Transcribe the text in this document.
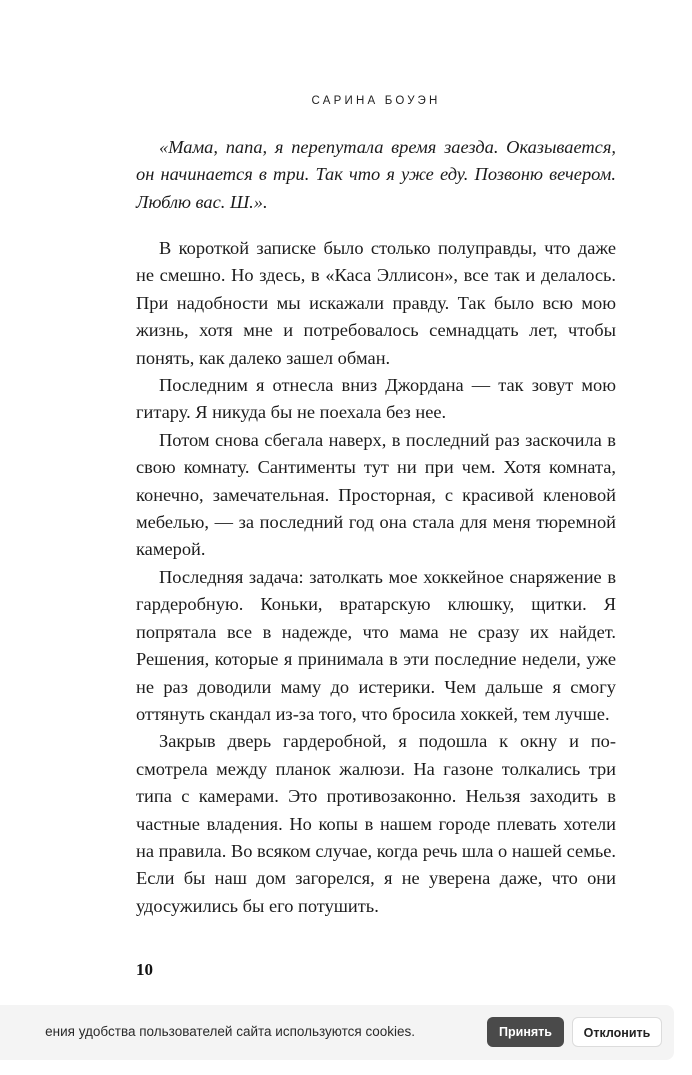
САРИНА БОУЭН

«Мама, папа, я перепутала время заезда. Оказывается, он начинается в три. Так что я уже еду. Позвоню вечером. Люблю вас. Ш.».

В короткой записке было столько полуправды, что даже не смешно. Но здесь, в «Каса Эллисон», все так и делалось. При надобности мы искажали правду. Так было всю мою жизнь, хотя мне и потребовалось семнадцать лет, чтобы понять, как далеко зашел обман.

Последним я отнесла вниз Джордана — так зовут мою гитару. Я никуда бы не поехала без нее.

Потом снова сбегала наверх, в последний раз заскочила в свою комнату. Сантименты тут ни при чем. Хотя комната, конечно, замечательная. Просторная, с красивой кленовой мебелью, — за последний год она стала для меня тюремной камерой.

Последняя задача: затолкать мое хоккейное снаряжение в гардеробную. Коньки, вратарскую клюшку, щитки. Я попрятала все в надежде, что мама не сразу их найдет. Решения, которые я принимала в эти последние недели, уже не раз доводили маму до истерики. Чем дальше я смогу оттянуть скандал из-за того, что бросила хоккей, тем лучше.

Закрыв дверь гардеробной, я подошла к окну и посмотрела между планок жалюзи. На газоне толкались три типа с камерами. Это противозаконно. Нельзя заходить в частные владения. Но копы в нашем городе плевать хотели на правила. Во всяком случае, когда речь шла о нашей семье. Если бы наш дом загорелся, я не уверена даже, что они удосужились бы его потушить.

10
ения удобства пользователей сайта используются cookies.	Принять	Отклонить
